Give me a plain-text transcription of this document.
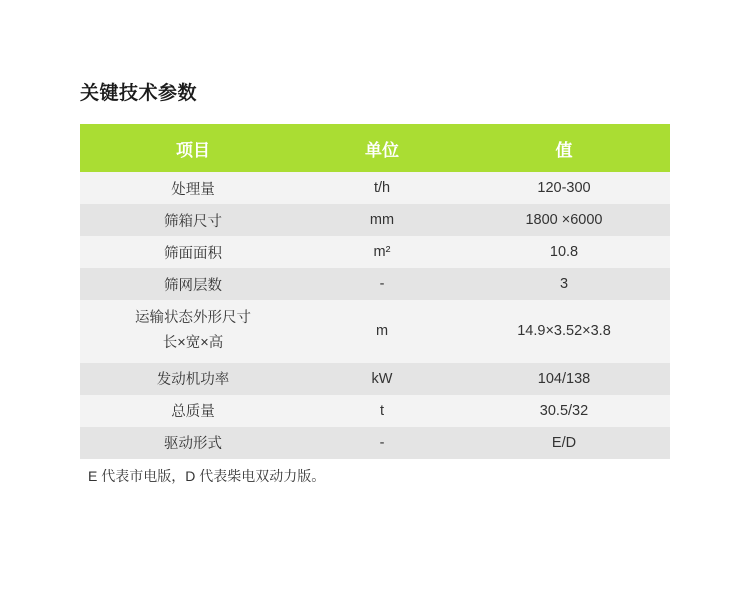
关键技术参数
项目	单位	值
处理量	t/h	120-300
筛箱尺寸	mm	1800 ×6000
筛面面积	m²	10.8
筛网层数	-	3

运输状态外形尺寸
长×宽×高	m	14.9×3.52×3.8
发动机功率	kW	104/138
总质量	t	30.5/32
驱动形式	-	E/D
E 代表市电版，D 代表柴电双动力版。
